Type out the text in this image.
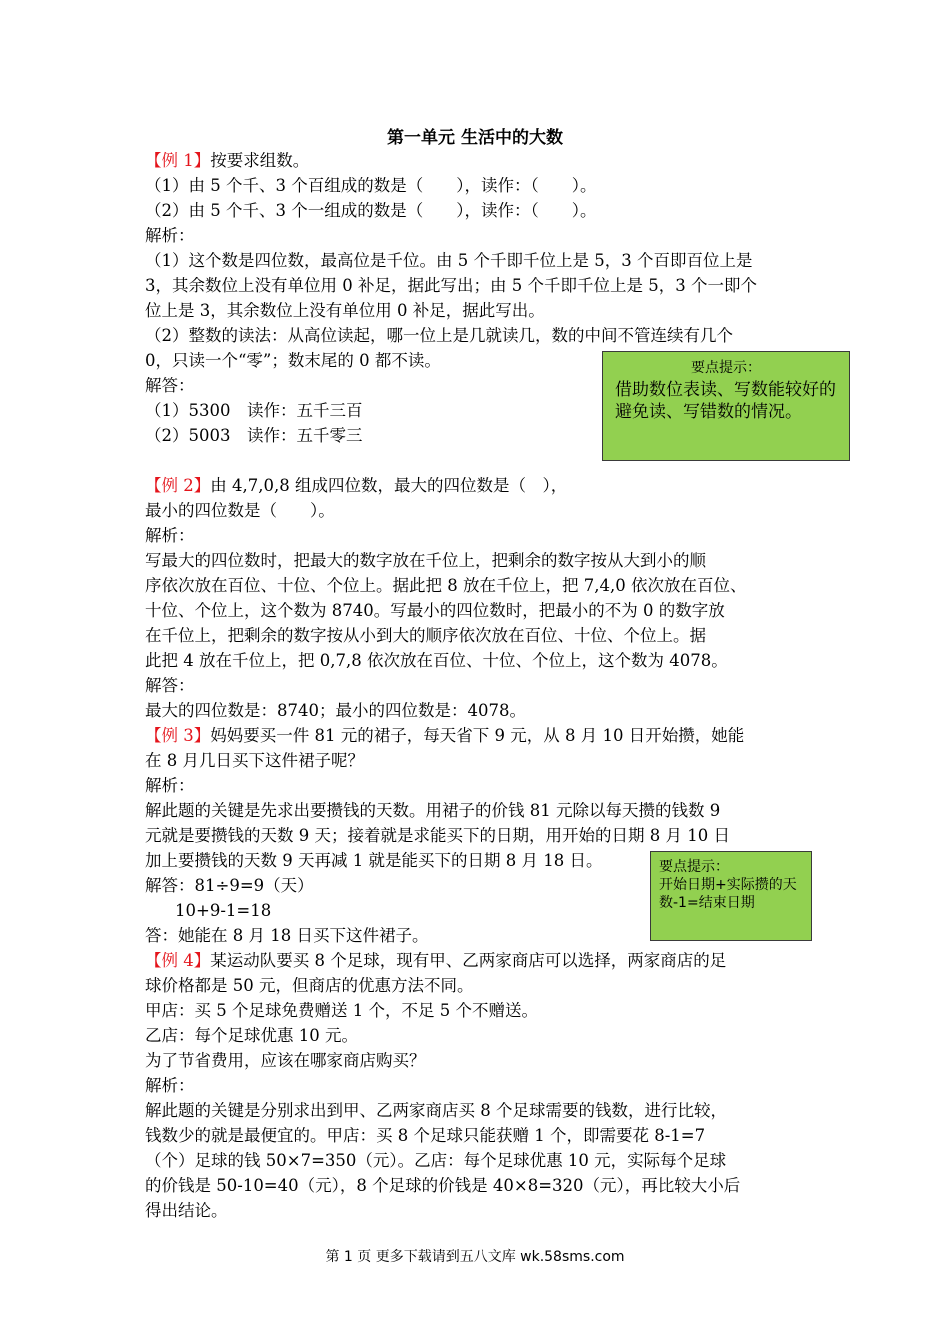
第一单元 生活中的大数
【例 1】按要求组数。
（1）由 5 个千、3 个百组成的数是（　　），读作：（　　）。
（2）由 5 个千、3 个一组成的数是（　　），读作：（　　）。
解析：
（1）这个数是四位数，最高位是千位。由 5 个千即千位上是 5，3 个百即百位上是
3，其余数位上没有单位用 0 补足，据此写出；由 5 个千即千位上是 5，3 个一即个
位上是 3，其余数位上没有单位用 0 补足，据此写出。
（2）整数的读法：从高位读起，哪一位上是几就读几，数的中间不管连续有几个
0，只读一个“零”；数末尾的 0 都不读。
解答：
（1）5300　读作：五千三百
（2）5003　读作：五千零三
要点提示：
借助数位表读、写数能较好的避免读、写错数的情况。
【例 2】由 4,7,0,8 组成四位数，最大的四位数是（　），
最小的四位数是（　　）。
解析：
写最大的四位数时，把最大的数字放在千位上，把剩余的数字按从大到小的顺
序依次放在百位、十位、个位上。据此把 8 放在千位上，把 7,4,0 依次放在百位、
十位、个位上，这个数为 8740。写最小的四位数时，把最小的不为 0 的数字放
在千位上，把剩余的数字按从小到大的顺序依次放在百位、十位、个位上。据
此把 4 放在千位上，把 0,7,8 依次放在百位、十位、个位上，这个数为 4078。
解答：
最大的四位数是：8740；最小的四位数是：4078。
【例 3】妈妈要买一件 81 元的裙子，每天省下 9 元，从 8 月 10 日开始攒，她能
在 8 月几日买下这件裙子呢？
解析：
解此题的关键是先求出要攒钱的天数。用裙子的价钱 81 元除以每天攒的钱数 9
元就是要攒钱的天数 9 天；接着就是求能买下的日期，用开始的日期 8 月 10 日
加上要攒钱的天数 9 天再减 1 就是能买下的日期 8 月 18 日。
解答：81÷9=9（天）
10+9-1=18
答：她能在 8 月 18 日买下这件裙子。
要点提示：
开始日期+实际攒的天数-1=结束日期
【例 4】某运动队要买 8 个足球，现有甲、乙两家商店可以选择，两家商店的足
球价格都是 50 元，但商店的优惠方法不同。
甲店：买 5 个足球免费赠送 1 个，不足 5 个不赠送。
乙店：每个足球优惠 10 元。
为了节省费用，应该在哪家商店购买？
解析：
解此题的关键是分别求出到甲、乙两家商店买 8 个足球需要的钱数，进行比较，
钱数少的就是最便宜的。甲店：买 8 个足球只能获赠 1 个，即需要花 8-1=7
（个）足球的钱 50×7=350（元）。乙店：每个足球优惠 10 元，实际每个足球
的价钱是 50-10=40（元），8 个足球的价钱是 40×8=320（元），再比较大小后
得出结论。
第 1 页 更多下载请到五八文库 wk.58sms.com
